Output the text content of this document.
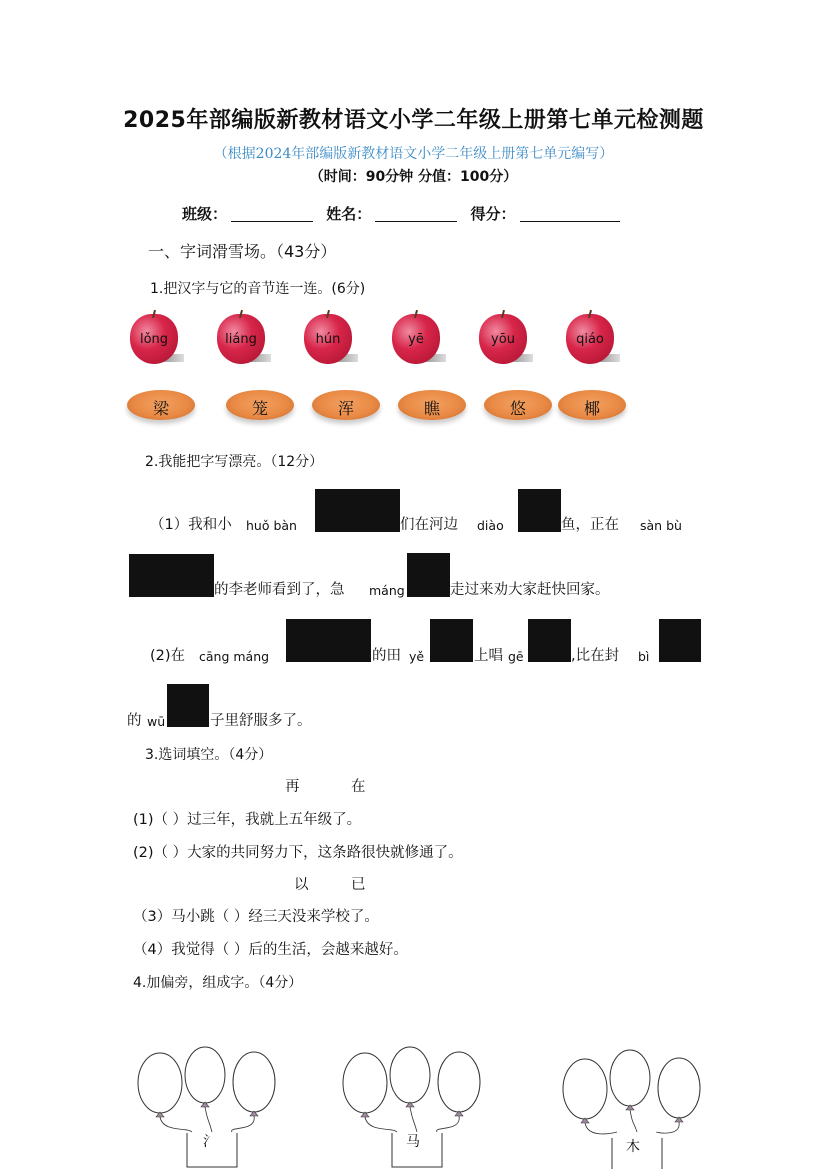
2025年部编版新教材语文小学二年级上册第七单元检测题
（根据2024年部编版新教材语文小学二年级上册第七单元编写）
（时间：90分钟 分值：100分）
班级：	姓名：	得分：
一、字词滑雪场。（43分）
1.把汉字与它的音节连一连。(6分)
lǒng	liáng	hún	yē	yōu	qiáo
梁	笼	浑	瞧	悠	椰
2.我能把字写漂亮。（12分）
（1）我和小 huǒ bàn	们在河边 diào	鱼，正在 sàn bù
的李老师看到了，急 máng	走过来劝大家赶快回家。
(2)在 cāng máng	的田 yě	上唱 gē	,比在封 bì
的 wū	子里舒服多了。
3.选词填空。（4分）
再	在
(1)（ ）过三年，我就上五年级了。
(2)（ ）大家的共同努力下，这条路很快就修通了。
以	已
（3）马小跳（ ）经三天没来学校了。
（4）我觉得（ ）后的生活，会越来越好。
4.加偏旁，组成字。（4分）
氵	马	木
